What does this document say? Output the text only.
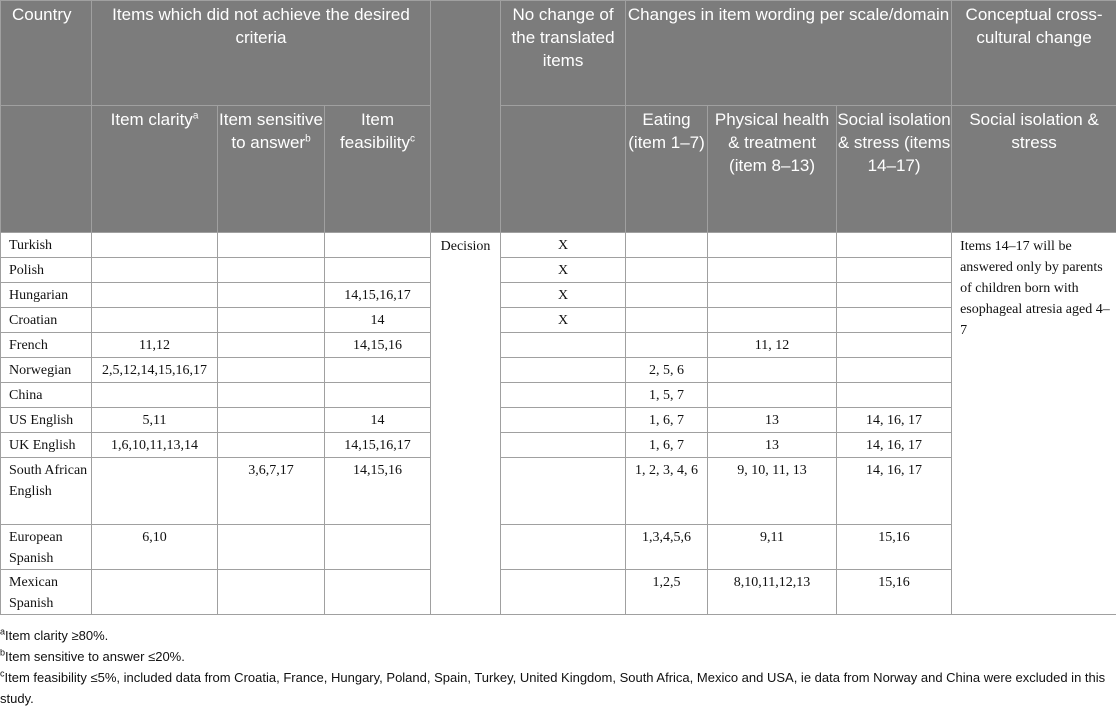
Country	Items which did not achieve the desired criteria				No change of the translated items	Changes in item wording per scale/domain			Conceptual cross-cultural change
	Item clarity$^a$	Item sensitive to answer$^b$	Item feasibility$^c$			Eating (item 1–7)	Physical health & treatment (item 8–13)	Social isolation & stress (items 14–17)	Social isolation & stress
Turkish				Decision	X				Items 14–17 will be answered only by parents of children born with esophageal atresia aged 4–7
Polish					X				
Hungarian			14,15,16,17		X				
Croatian			14		X				
French	11,12		14,15,16				11, 12		
Norwegian	2,5,12,14,15,16,17					2, 5, 6			
China						1, 5, 7			
US English	5,11		14			1, 6, 7	13	14, 16, 17	
UK English	1,6,10,11,13,14		14,15,16,17			1, 6, 7	13	14, 16, 17	
South African English		3,6,7,17	14,15,16			1, 2, 3, 4, 6	9, 10, 11, 13	14, 16, 17	
European Spanish	6,10					1,3,4,5,6	9,11	15,16	
Mexican Spanish						1,2,5	8,10,11,12,13	15,16	

$^a$Item clarity ≥80%.

$^b$Item sensitive to answer ≤20%.

$^c$Item feasibility ≤5%, included data from Croatia, France, Hungary, Poland, Spain, Turkey, United Kingdom, South Africa, Mexico and USA, ie data from Norway and China were excluded in this study.
